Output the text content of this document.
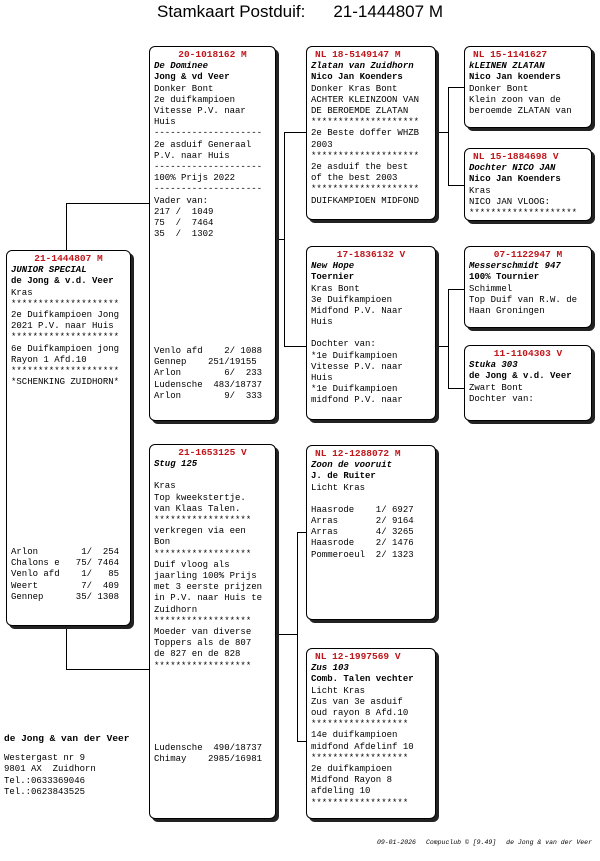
Stamkaart Postduif: 21-1444807 M
21-1444807 M
JUNIOR SPECIAL
de Jong & v.d. Veer
Kras
********************
2e Duifkampioen Jong
2021 P.V. naar Huis
********************
6e Duifkampioen jong
Rayon 1 Afd.10
********************
*SCHENKING ZUIDHORN*
Arlon        1/  254
Chalons e   75/ 7464
Venlo afd    1/   85
Weert        7/  409
Gennep      35/ 1308
20-1018162 M
De Dominee
Jong & vd Veer
Donker Bont
2e duifkampioen
Vitesse P.V. naar
Huis
--------------------
2e asduif Generaal
P.V. naar Huis
--------------------
100% Prijs 2022
--------------------
Vader van:
217 /  1049
75  /  7464
35  /  1302
Venlo afd    2/ 1088
Gennep    251/19155
Arlon        6/  233
Ludensche  483/18737
Arlon        9/  333
21-1653125 V
Stug 125
Kras
Top kweekstertje.
van Klaas Talen.
******************
verkregen via een
Bon
******************
Duif vloog als
jaarling 100% Prijs
met 3 eerste prijzen
in P.V. naar Huis te
Zuidhorn
******************
Moeder van diverse
Toppers als de 807
de 827 en de 828
******************
Ludensche  490/18737
Chimay    2985/16981
NL 18-5149147 M
Zlatan van Zuidhorn
Nico Jan Koenders
Donker Kras Bont
ACHTER KLEINZOON VAN
DE BEROEMDE ZLATAN
********************
2e Beste doffer WHZB
2003
********************
2e asduif the best
of the best 2003
********************
DUIFKAMPIOEN MIDFOND
17-1836132 V
New Hope
Toernier
Kras Bont
3e Duifkampioen
Midfond P.V. Naar
Huis
Dochter van:
*1e Duifkampioen
Vitesse P.V. naar
Huis
*1e Duifkampioen
midfond P.V. naar
NL 12-1288072 M
Zoon de vooruit
J. de Ruiter
Licht Kras
Haasrode    1/ 6927
Arras       2/ 9164
Arras       4/ 3265
Haasrode    2/ 1476
Pommeroeul  2/ 1323
NL 12-1997569 V
Zus 103
Comb. Talen vechter
Licht Kras
Zus van 3e asduif
oud rayon 8 Afd.10
******************
14e duifkampioen
midfond Afdelinf 10
******************
2e duifkampioen
Midfond Rayon 8
afdeling 10
******************
NL 15-1141627
kLEINEN ZLATAN
Nico Jan koenders
Donker Bont
Klein zoon van de
beroemde ZLATAN van
NL 15-1884698 V
Dochter NICO JAN
Nico Jan Koenders
Kras
NICO JAN VLOOG:
********************
07-1122947 M
Messerschmidt 947
100% Tournier
Schimmel
Top Duif van R.W. de
Haan Groningen
11-1104303 V
Stuka 303
de Jong & v.d. Veer
Zwart Bont
Dochter van:
de Jong & van der Veer
Westergast nr 9
9801 AX  Zuidhorn
Tel.:0633369046
Tel.:0623843525
09-01-2026 Compuclub © [9.49] de Jong & van der Veer
